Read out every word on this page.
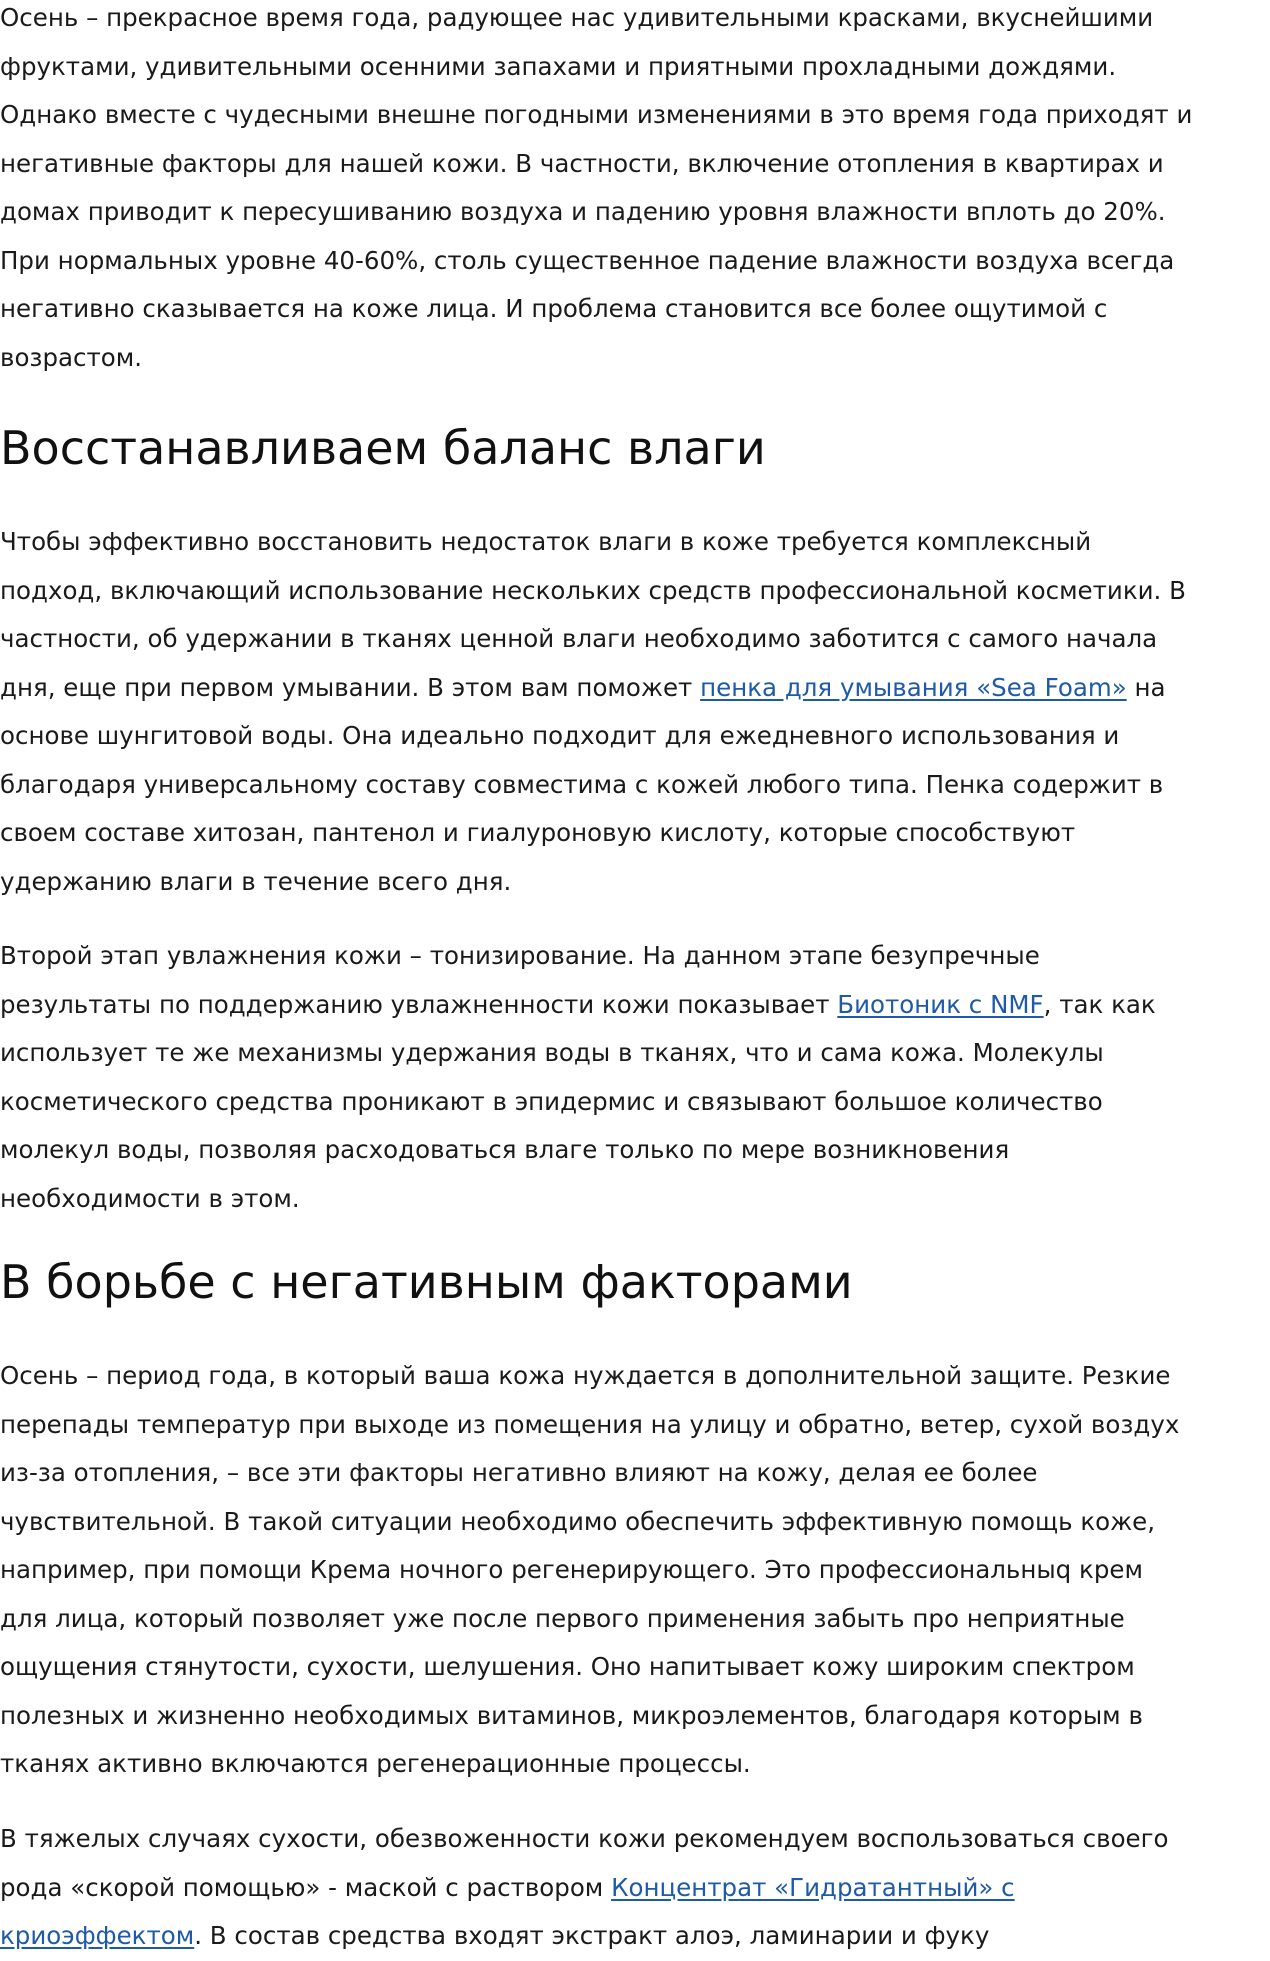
Осень – прекрасное время года, радующее нас удивительными красками, вкуснейшими
фруктами, удивительными осенними запахами и приятными прохладными дождями.
Однако вместе с чудесными внешне погодными изменениями в это время года приходят и
негативные факторы для нашей кожи. В частности, включение отопления в квартирах и
домах приводит к пересушиванию воздуха и падению уровня влажности вплоть до 20%.
При нормальных уровне 40-60%, столь существенное падение влажности воздуха всегда
негативно сказывается на коже лица. И проблема становится все более ощутимой с
возрастом.
Восстанавливаем баланс влаги
Чтобы эффективно восстановить недостаток влаги в коже требуется комплексный
подход, включающий использование нескольких средств профессиональной косметики. В
частности, об удержании в тканях ценной влаги необходимо заботится с самого начала
дня, еще при первом умывании. В этом вам поможет пенка для умывания «Sea Foam» на
основе шунгитовой воды. Она идеально подходит для ежедневного использования и
благодаря универсальному составу совместима с кожей любого типа. Пенка содержит в
своем составе хитозан, пантенол и гиалуроновую кислоту, которые способствуют
удержанию влаги в течение всего дня.
Второй этап увлажнения кожи – тонизирование. На данном этапе безупречные
результаты по поддержанию увлажненности кожи показывает Биотоник с NMF, так как
использует те же механизмы удержания воды в тканях, что и сама кожа. Молекулы
косметического средства проникают в эпидермис и связывают большое количество
молекул воды, позволяя расходоваться влаге только по мере возникновения
необходимости в этом.
В борьбе с негативным факторами
Осень – период года, в который ваша кожа нуждается в дополнительной защите. Резкие
перепады температур при выходе из помещения на улицу и обратно, ветер, сухой воздух
из-за отопления, – все эти факторы негативно влияют на кожу, делая ее более
чувствительной. В такой ситуации необходимо обеспечить эффективную помощь коже,
например, при помощи Крема ночного регенерирующего. Это профессиональныq крем
для лица, который позволяет уже после первого применения забыть про неприятные
ощущения стянутости, сухости, шелушения. Оно напитывает кожу широким спектром
полезных и жизненно необходимых витаминов, микроэлементов, благодаря которым в
тканях активно включаются регенерационные процессы.
В тяжелых случаях сухости, обезвоженности кожи рекомендуем воспользоваться своего
рода «скорой помощью» - маской с раствором Концентрат «Гидратантный» с
криоэффектом. В состав средства входят экстракт алоэ, ламинарии и фуку
